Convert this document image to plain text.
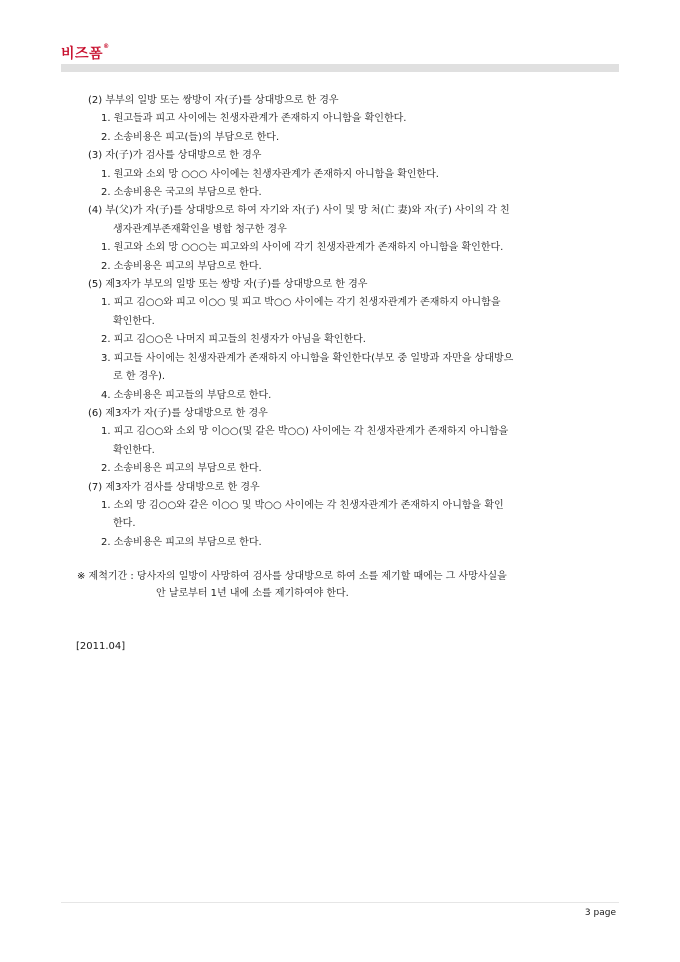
비즈폼®
(2) 부부의 일방 또는 쌍방이 자(子)를 상대방으로 한 경우
1. 원고들과 피고 사이에는 친생자관계가 존재하지 아니함을 확인한다.
2. 소송비용은 피고(들)의 부담으로 한다.
(3) 자(子)가 검사를 상대방으로 한 경우
1. 원고와 소외 망 ○○○ 사이에는 친생자관계가 존재하지 아니함을 확인한다.
2. 소송비용은 국고의 부담으로 한다.
(4) 부(父)가 자(子)를 상대방으로 하여 자기와 자(子) 사이 및 망 처(亡 妻)와 자(子) 사이의 각 친
생자관계부존재확인을 병합 청구한 경우
1. 원고와 소외 망 ○○○는 피고와의 사이에 각기 친생자관계가 존재하지 아니함을 확인한다.
2. 소송비용은 피고의 부담으로 한다.
(5) 제3자가 부모의 일방 또는 쌍방 자(子)를 상대방으로 한 경우
1. 피고 김○○와 피고 이○○ 및 피고 박○○ 사이에는 각기 친생자관계가 존재하지 아니함을
확인한다.
2. 피고 김○○은 나머지 피고들의 친생자가 아님을 확인한다.
3. 피고들 사이에는 친생자관계가 존재하지 아니함을 확인한다(부모 중 일방과 자만을 상대방으
로 한 경우).
4. 소송비용은 피고들의 부담으로 한다.
(6) 제3자가 자(子)를 상대방으로 한 경우
1. 피고 김○○와 소외 망 이○○(및 같은 박○○) 사이에는 각 친생자관계가 존재하지 아니함을
확인한다.
2. 소송비용은 피고의 부담으로 한다.
(7) 제3자가 검사를 상대방으로 한 경우
1. 소외 망 김○○와 같은 이○○ 및 박○○ 사이에는 각 친생자관계가 존재하지 아니함을 확인
한다.
2. 소송비용은 피고의 부담으로 한다.
※ 제척기간 : 당사자의 일방이 사망하여 검사를 상대방으로 하여 소를 제기할 때에는 그 사망사실을
안 날로부터 1년 내에 소를 제기하여야 한다.
[2011.04]
3 page
